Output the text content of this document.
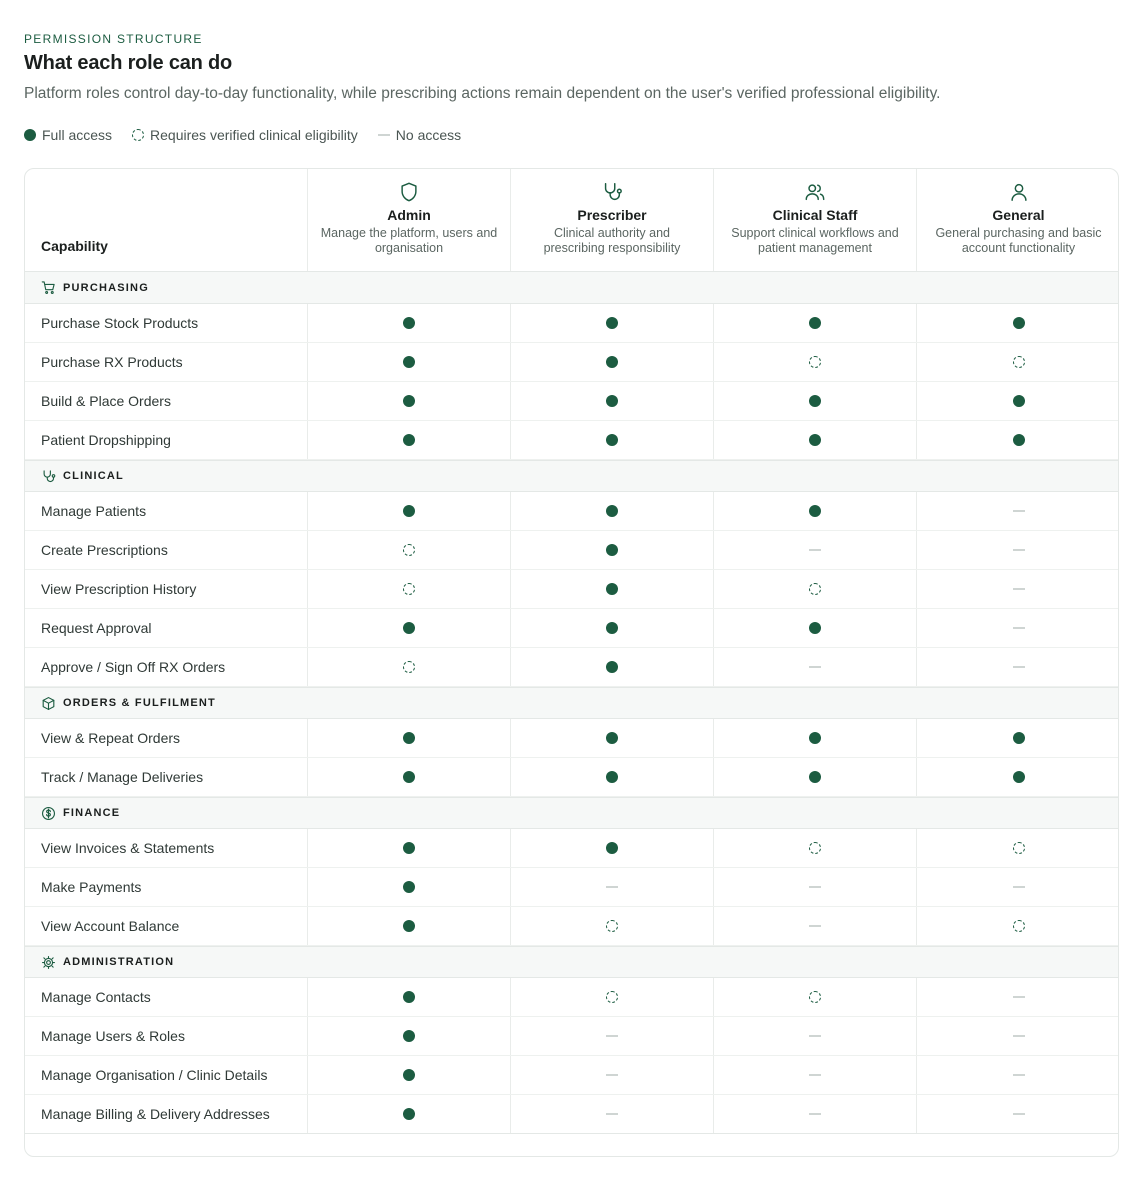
PERMISSION STRUCTURE
What each role can do
Platform roles control day-to-day functionality, while prescribing actions remain dependent on the user's verified professional eligibility.
Full access	Requires verified clinical eligibility	No access
Capability
Admin
Manage the platform, users and organisation
Prescriber
Clinical authority and prescribing responsibility
Clinical Staff
Support clinical workflows and patient management
General
General purchasing and basic account functionality
PURCHASING
Purchase Stock Products
Purchase RX Products
Build & Place Orders
Patient Dropshipping
CLINICAL
Manage Patients
Create Prescriptions
View Prescription History
Request Approval
Approve / Sign Off RX Orders
ORDERS & FULFILMENT
View & Repeat Orders
Track / Manage Deliveries
FINANCE
View Invoices & Statements
Make Payments
View Account Balance
ADMINISTRATION
Manage Contacts
Manage Users & Roles
Manage Organisation / Clinic Details
Manage Billing & Delivery Addresses
